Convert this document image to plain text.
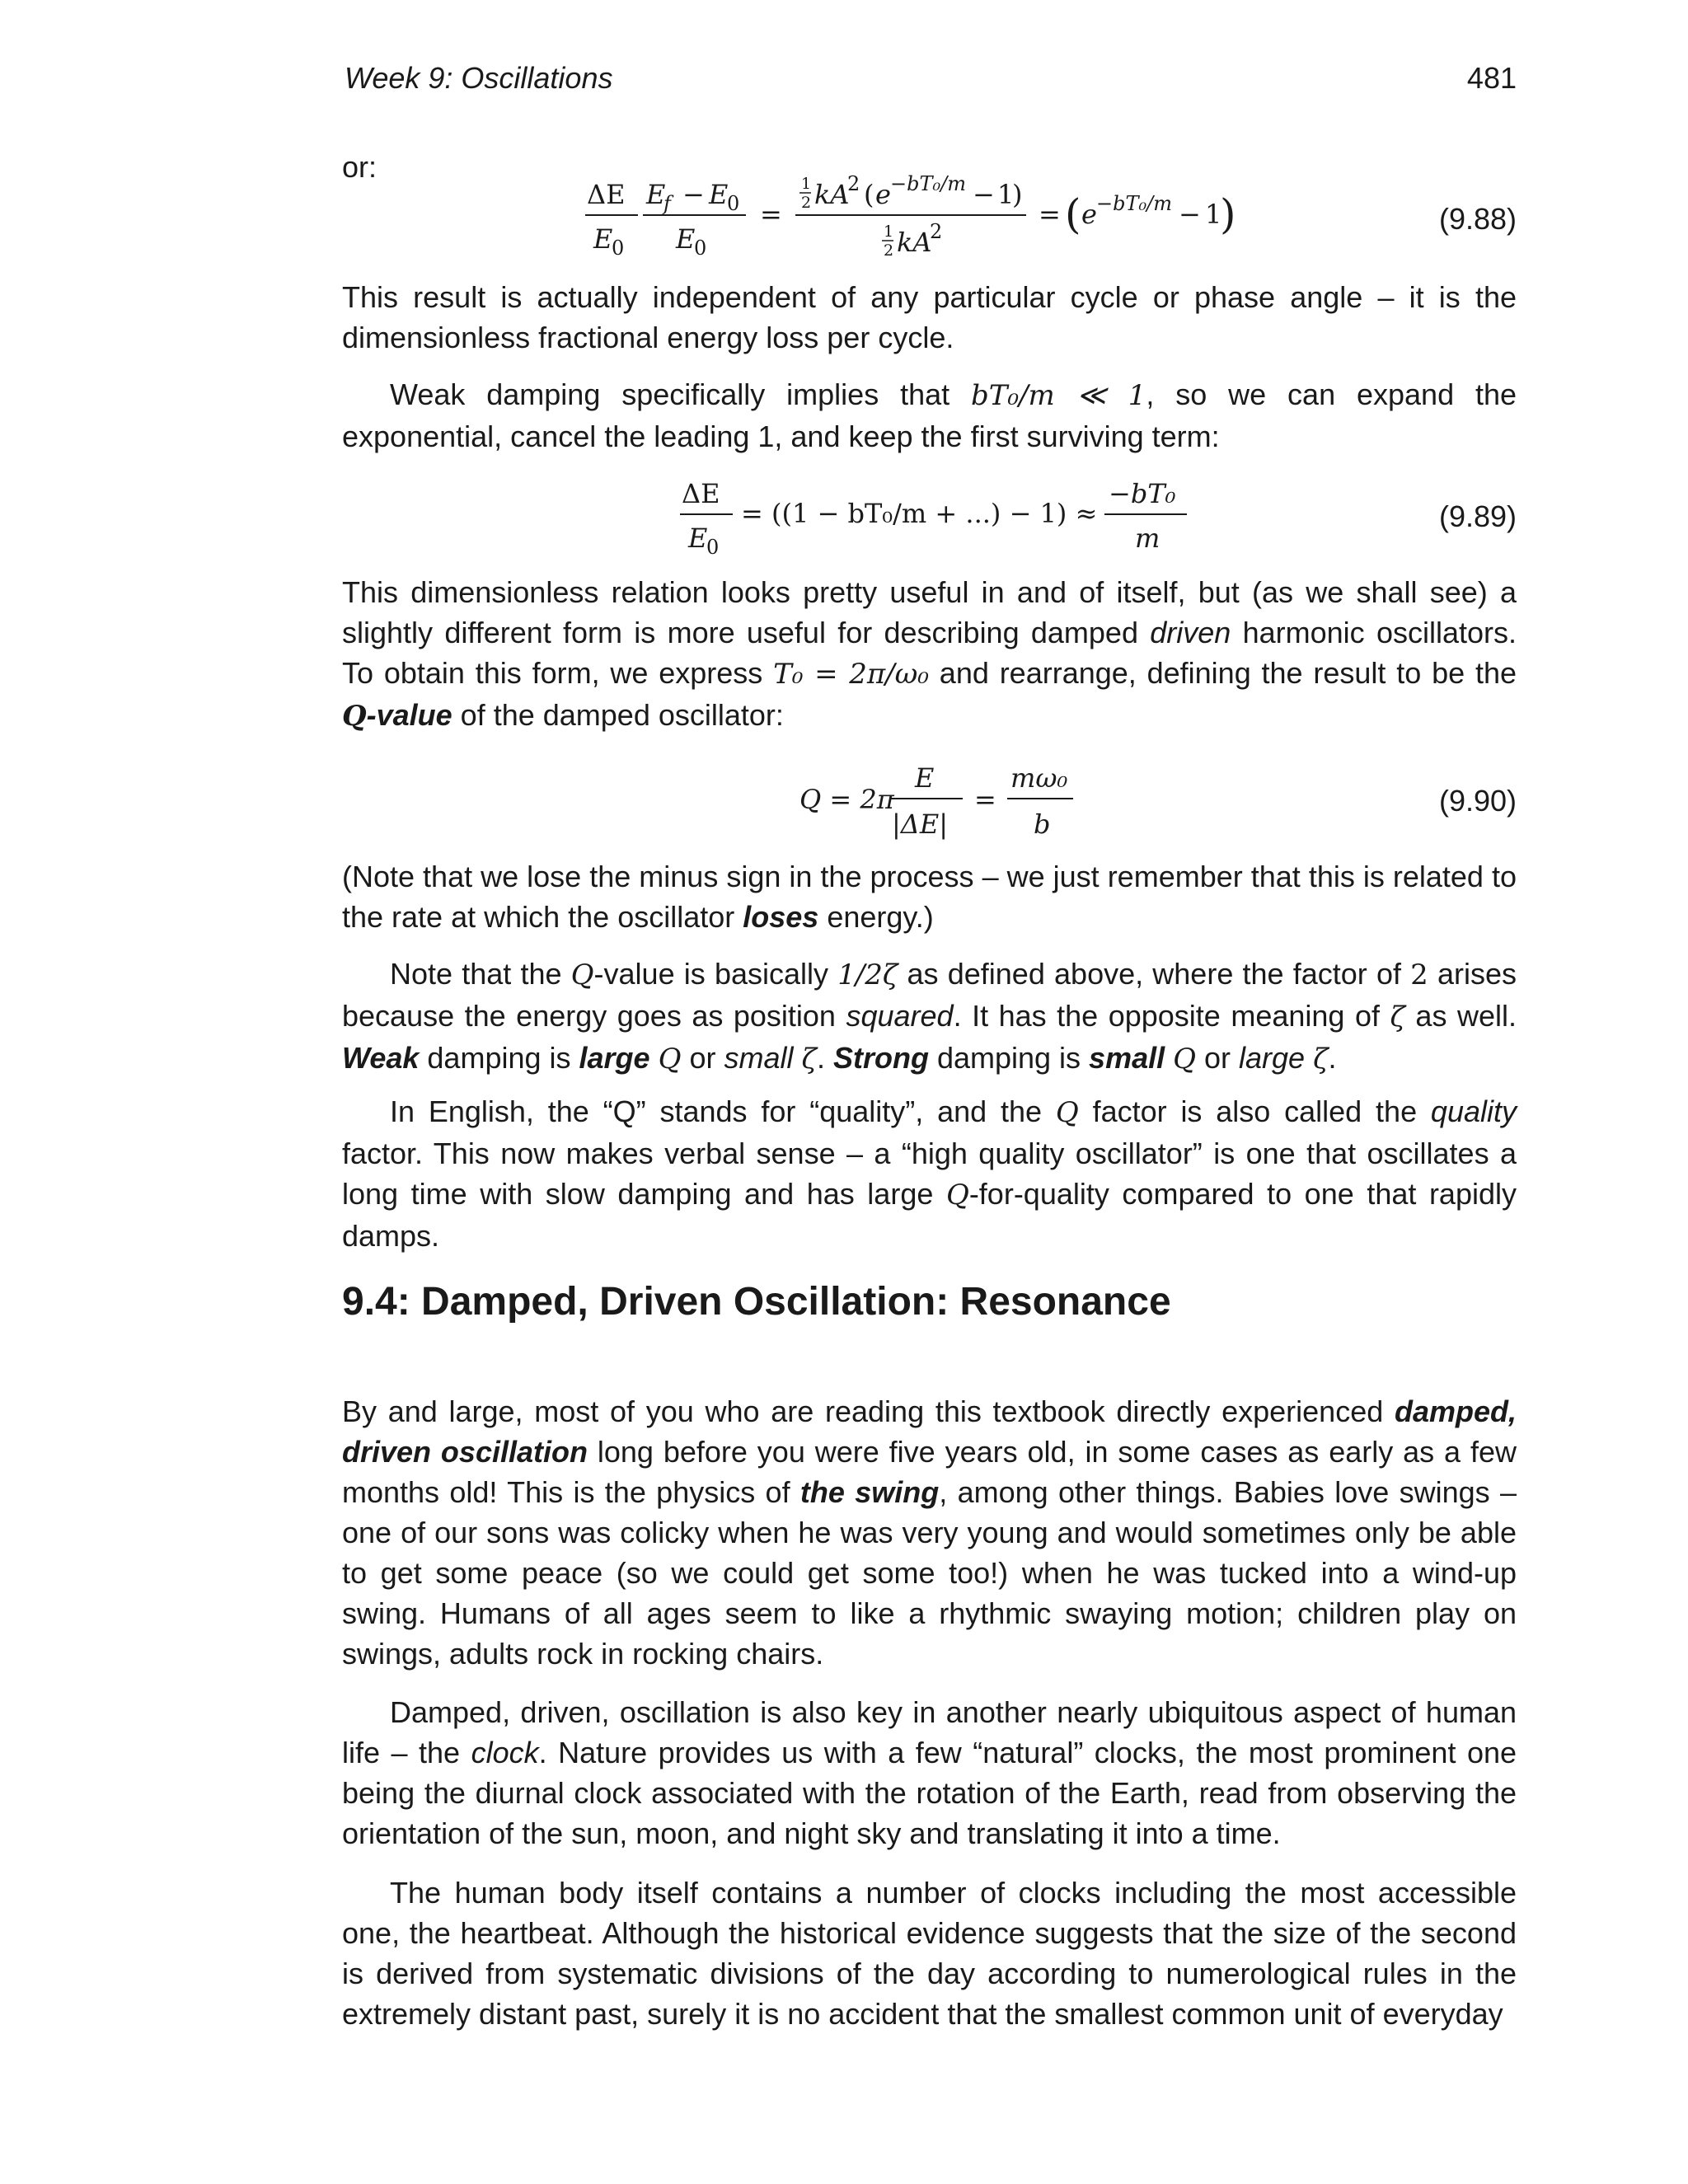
Week 9: Oscillations	481

or:

ΔE
E
0
E
f − E
0
E
0
=
1
2 kA
2 ( e −bT₀/m − 1
)
1
2 kA
2
= ( e −bT₀/m − 1
)	(9.88)

This result is actually independent of any particular cycle or phase angle – it is the dimensionless fractional energy loss per cycle.

Weak damping specifically implies that bT₀/m ≪ 1, so we can expand the exponential, cancel the leading 1, and keep the first surviving term:

ΔE
E
0
= ((1 − bT₀/m + ...) − 1) ≈
−bT₀
m
(9.89)

This dimensionless relation looks pretty useful in and of itself, but (as we shall see) a slightly different form is more useful for describing damped driven harmonic oscillators. To obtain this form, we express T₀ = 2π/ω₀ and rearrange, defining the result to be the Q-value of the damped oscillator:

Q = 2π
E
|ΔE|
=
mω₀
b
(9.90)

(Note that we lose the minus sign in the process – we just remember that this is related to the rate at which the oscillator loses energy.)

Note that the Q-value is basically 1/2ζ as defined above, where the factor of 2 arises because the energy goes as position squared. It has the opposite meaning of ζ as well. Weak damping is large Q or small ζ. Strong damping is small Q or large ζ.

In English, the “Q” stands for “quality”, and the Q factor is also called the quality factor. This now makes verbal sense – a “high quality oscillator” is one that oscillates a long time with slow damping and has large Q-for-quality compared to one that rapidly damps.

9.4: Damped, Driven Oscillation: Resonance

By and large, most of you who are reading this textbook directly experienced damped, driven oscillation long before you were five years old, in some cases as early as a few months old! This is the physics of the swing, among other things. Babies love swings – one of our sons was colicky when he was very young and would sometimes only be able to get some peace (so we could get some too!) when he was tucked into a wind-up swing. Humans of all ages seem to like a rhythmic swaying motion; children play on swings, adults rock in rocking chairs.

Damped, driven, oscillation is also key in another nearly ubiquitous aspect of human life – the clock. Nature provides us with a few “natural” clocks, the most prominent one being the diurnal clock associated with the rotation of the Earth, read from observing the orientation of the sun, moon, and night sky and translating it into a time.

The human body itself contains a number of clocks including the most accessible one, the heartbeat. Although the historical evidence suggests that the size of the second is derived from systematic divisions of the day according to numerological rules in the extremely distant past, surely it is no accident that the smallest common unit of everyday
